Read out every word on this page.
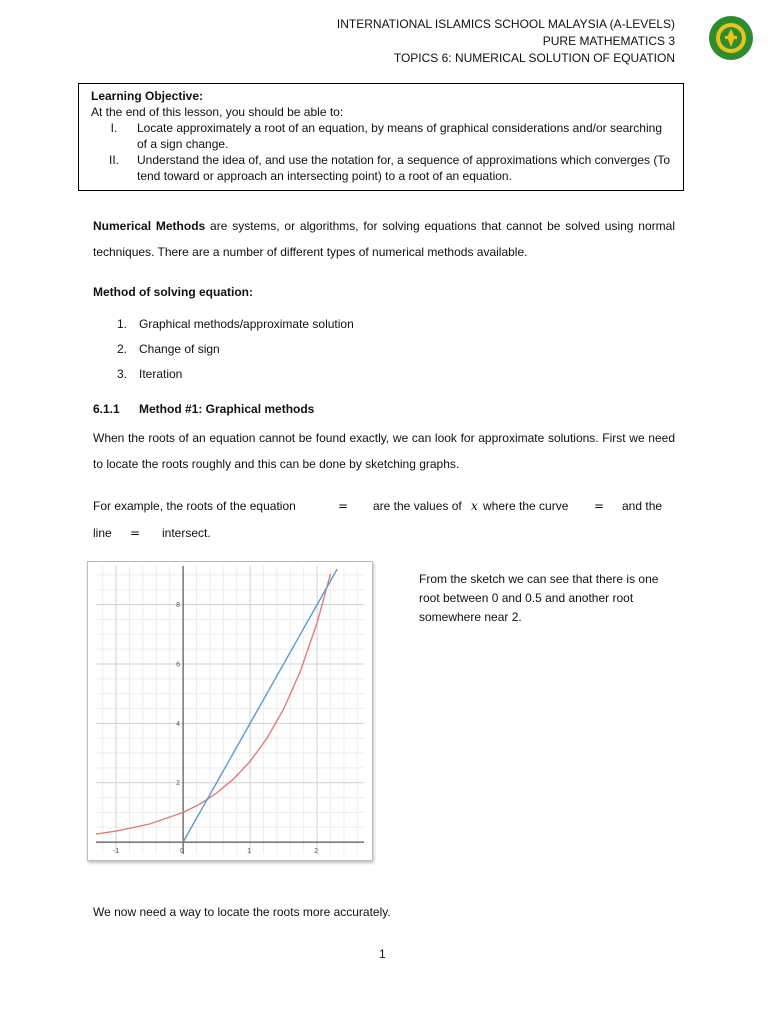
INTERNATIONAL ISLAMICS SCHOOL MALAYSIA (A-LEVELS)
PURE MATHEMATICS 3
TOPICS 6: NUMERICAL SOLUTION OF EQUATION
Learning Objective:
At the end of this lesson, you should be able to:
I.	Locate approximately a root of an equation, by means of graphical considerations and/or searching of a sign change.
II.	Understand the idea of, and use the notation for, a sequence of approximations which converges (To tend toward or approach an intersecting point) to a root of an equation.
Numerical Methods are systems, or algorithms, for solving equations that cannot be solved using normal techniques. There are a number of different types of numerical methods available.
Method of solving equation:
1. Graphical methods/approximate solution
2. Change of sign
3. Iteration
6.1.1	Method #1: Graphical methods
When the roots of an equation cannot be found exactly, we can look for approximate solutions. First we need to locate the roots roughly and this can be done by sketching graphs.
For example, the roots of the equation	= are the values of x where the curve = and the
line = intersect.
-1	0	1	2
2
4
6
8
From the sketch we can see that there is one root between 0 and 0.5 and another root somewhere near 2.
We now need a way to locate the roots more accurately.
1
